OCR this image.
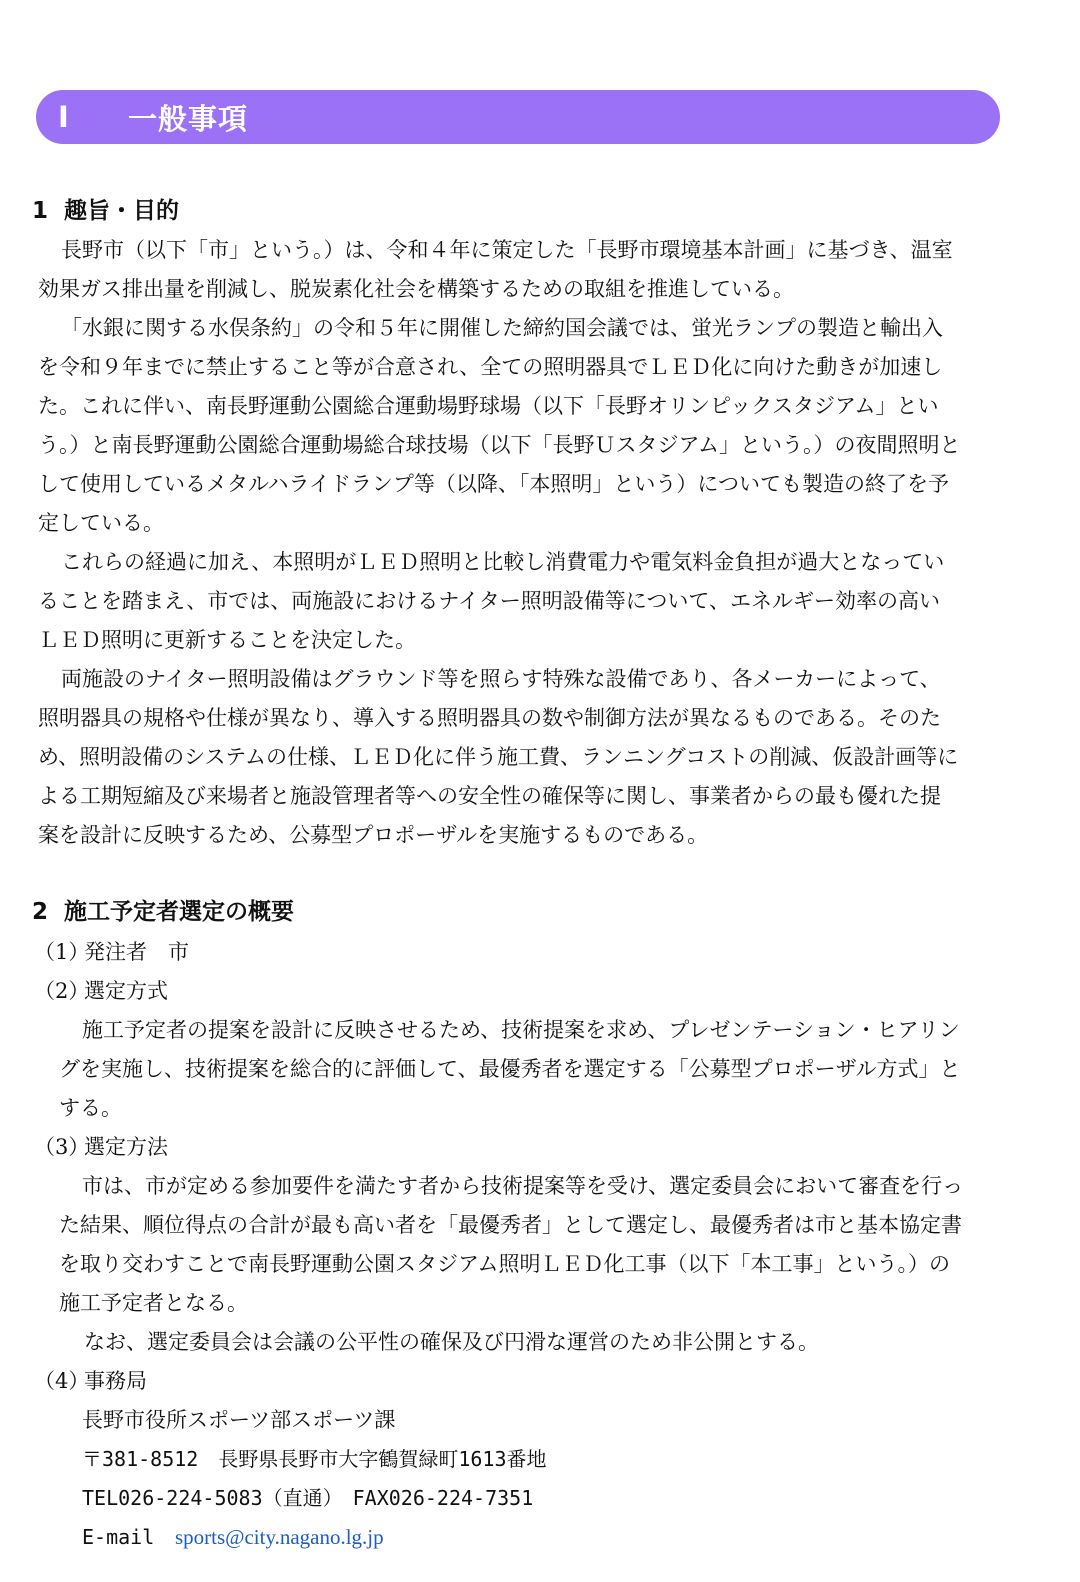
Ⅰ	一般事項
1 趣旨・目的
長野市（以下「市」という。）は、令和４年に策定した「長野市環境基本計画」に基づき、温室
効果ガス排出量を削減し、脱炭素化社会を構築するための取組を推進している。
「水銀に関する水俣条約」の令和５年に開催した締約国会議では、蛍光ランプの製造と輸出入
を令和９年までに禁止すること等が合意され、全ての照明器具でＬＥＤ化に向けた動きが加速し
た。これに伴い、南長野運動公園総合運動場野球場（以下「長野オリンピックスタジアム」とい
う。）と南長野運動公園総合運動場総合球技場（以下「長野Ｕスタジアム」という。）の夜間照明と
して使用しているメタルハライドランプ等（以降、「本照明」という）についても製造の終了を予
定している。
これらの経過に加え、本照明がＬＥＤ照明と比較し消費電力や電気料金負担が過大となってい
ることを踏まえ、市では、両施設におけるナイター照明設備等について、エネルギー効率の高い
ＬＥＤ照明に更新することを決定した。
両施設のナイター照明設備はグラウンド等を照らす特殊な設備であり、各メーカーによって、
照明器具の規格や仕様が異なり、導入する照明器具の数や制御方法が異なるものである。そのた
め、照明設備のシステムの仕様、ＬＥＤ化に伴う施工費、ランニングコストの削減、仮設計画等に
よる工期短縮及び来場者と施設管理者等への安全性の確保等に関し、事業者からの最も優れた提
案を設計に反映するため、公募型プロポーザルを実施するものである。
2 施工予定者選定の概要
（1）発注者　市
（2）選定方式
施工予定者の提案を設計に反映させるため、技術提案を求め、プレゼンテーション・ヒアリン
グを実施し、技術提案を総合的に評価して、最優秀者を選定する「公募型プロポーザル方式」と
する。
（3）選定方法
市は、市が定める参加要件を満たす者から技術提案等を受け、選定委員会において審査を行っ
た結果、順位得点の合計が最も高い者を「最優秀者」として選定し、最優秀者は市と基本協定書
を取り交わすことで南長野運動公園スタジアム照明ＬＥＤ化工事（以下「本工事」という。）の
施工予定者となる。
なお、選定委員会は会議の公平性の確保及び円滑な運営のため非公開とする。
（4）事務局
長野市役所スポーツ部スポーツ課
〒381-8512　長野県長野市大字鶴賀緑町1613番地
TEL026-224-5083（直通）　FAX026-224-7351
E-mail sports@city.nagano.lg.jp
